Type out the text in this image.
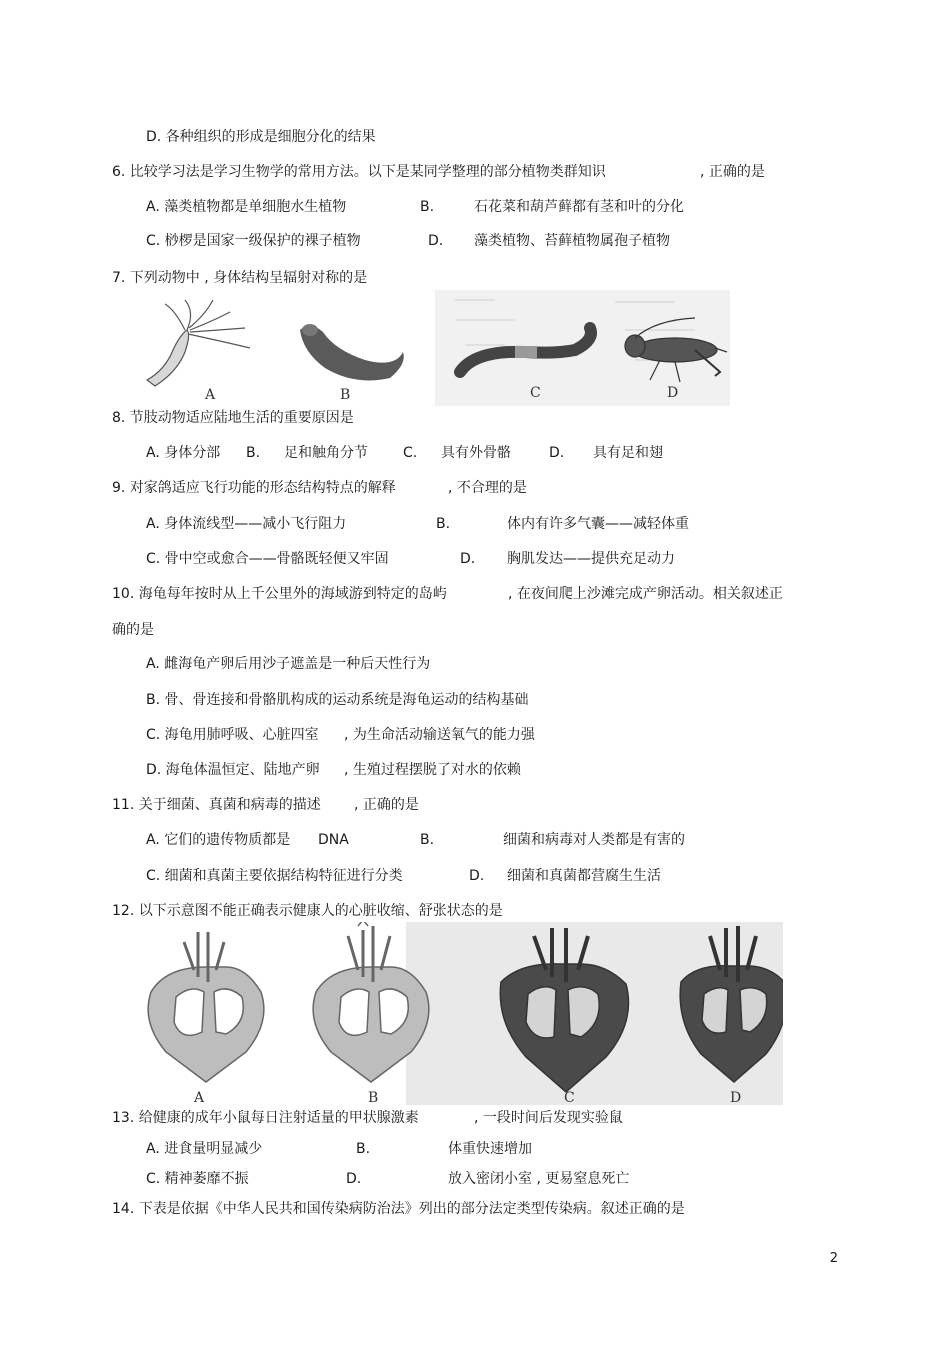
D. 各种组织的形成是细胞分化的结果
6. 比较学习法是学习生物学的常用方法。以下是某同学整理的部分植物类群知识	, 正确的是
A. 藻类植物都是单细胞水生植物	B.	石花菜和葫芦藓都有茎和叶的分化
C. 桫椤是国家一级保护的裸子植物	D. 藻类植物、苔藓植物属孢子植物
7. 下列动物中 , 身体结构呈辐射对称的是
A	B	C	D
8. 节肢动物适应陆地生活的重要原因是
A. 身体分部 B. 足和触角分节	C. 具有外骨骼	D. 具有足和翅
9. 对家鸽适应飞行功能的形态结构特点的解释	, 不合理的是
A. 身体流线型——减小飞行阻力	B.	体内有许多气囊——减轻体重
C. 骨中空或愈合——骨骼既轻便又牢固	D. 胸肌发达——提供充足动力
10. 海龟每年按时从上千公里外的海域游到特定的岛屿	, 在夜间爬上沙滩完成产卵活动。相关叙述正
确的是
A. 雌海龟产卵后用沙子遮盖是一种后天性行为
B. 骨、骨连接和骨骼肌构成的运动系统是海龟运动的结构基础
C. 海龟用肺呼吸、心脏四室 , 为生命活动输送氧气的能力强
D. 海龟体温恒定、陆地产卵 , 生殖过程摆脱了对水的依赖
11. 关于细菌、真菌和病毒的描述 , 正确的是
A. 它们的遗传物质都是 DNA	B.	细菌和病毒对人类都是有害的
C. 细菌和真菌主要依据结构特征进行分类	D. 细菌和真菌都营腐生生活
12. 以下示意图不能正确表示健康人的心脏收缩、舒张状态的是
A	B	C	D
13. 给健康的成年小鼠每日注射适量的甲状腺激素	, 一段时间后发现实验鼠
A. 进食量明显减少	B.	体重快速增加
C. 精神萎靡不振	D.	放入密闭小室 , 更易窒息死亡
14. 下表是依据《中华人民共和国传染病防治法》列出的部分法定类型传染病。叙述正确的是
2
